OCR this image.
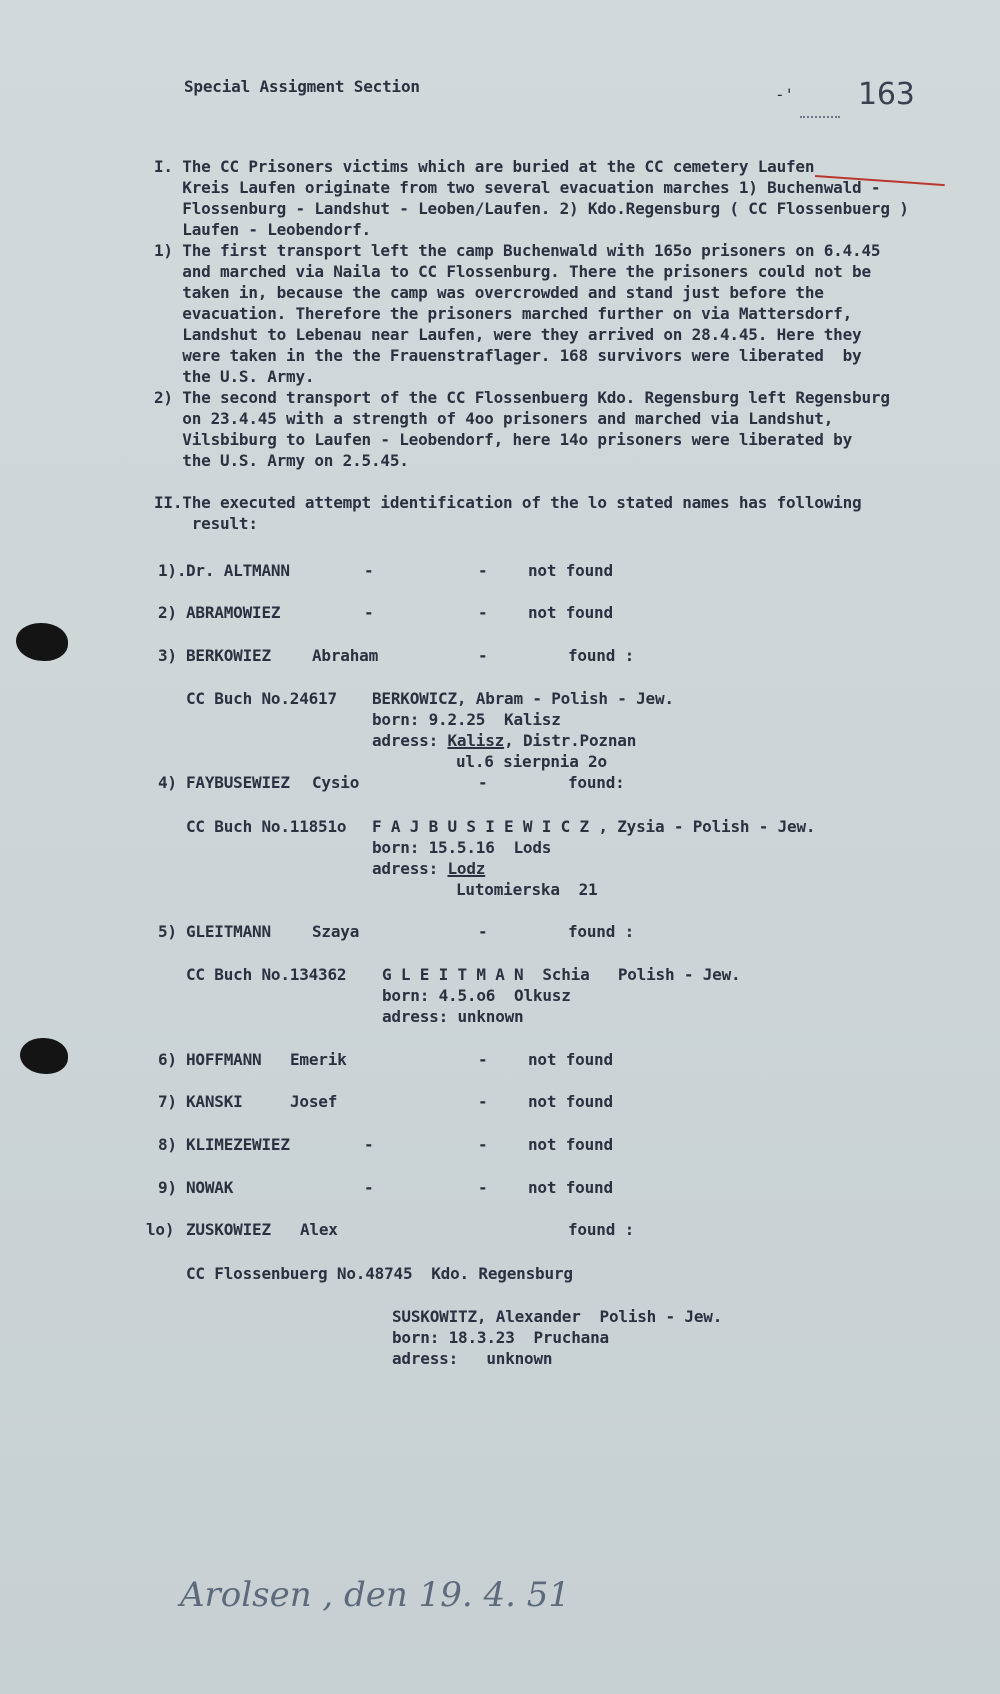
Special Assigment Section	-' 163
I. The CC Prisoners victims which are buried at the CC cemetery Laufen
Kreis Laufen originate from two several evacuation marches 1) Buchenwald -
Flossenburg - Landshut - Leoben/Laufen. 2) Kdo.Regensburg ( CC Flossenbuerg )
Laufen - Leobendorf.
1) The first transport left the camp Buchenwald with 165o prisoners on 6.4.45
and marched via Naila to CC Flossenburg. There the prisoners could not be
taken in, because the camp was overcrowded and stand just before the
evacuation. Therefore the prisoners marched further on via Mattersdorf,
Landshut to Lebenau near Laufen, were they arrived on 28.4.45. Here they
were taken in the the Frauenstraflager. 168 survivors were liberated  by
the U.S. Army.
2) The second transport of the CC Flossenbuerg Kdo. Regensburg left Regensburg
on 23.4.45 with a strength of 4oo prisoners and marched via Landshut,
Vilsbiburg to Laufen - Leobendorf, here 14o prisoners were liberated by
the U.S. Army on 2.5.45.
II.The executed attempt identification of the lo stated names has following
result:
1). Dr. ALTMANN	-	-	not found
2) ABRAMOWIEZ	-	-	not found
3) BERKOWIEZ	Abraham	-	found :
CC Buch No.24617 BERKOWICZ, Abram - Polish - Jew.
born: 9.2.25  Kalisz
adress: Kalisz, Distr.Poznan
ul.6 sierpnia 2o
4) FAYBUSEWIEZ Cysio	-	found:
CC Buch No.11851o F A J B U S I E W I C Z , Zysia - Polish - Jew.
born: 15.5.16  Lods
adress: Lodz
Lutomierska  21
5) GLEITMANN	Szaya	-	found :
CC Buch No.134362 G L E I T M A N  Schia   Polish - Jew.
born: 4.5.o6  Olkusz
adress: unknown
6) HOFFMANN Emerik	-	not found
7) KANSKI	Josef	-	not found
8) KLIMEZEWIEZ	-	-	not found
9) NOWAK	-	-	not found
lo) ZUSKOWIEZ Alex	found :
CC Flossenbuerg No.48745  Kdo. Regensburg
SUSKOWITZ, Alexander  Polish - Jew.
born: 18.3.23  Pruchana
adress:   unknown
Arolsen , den 19. 4. 51
